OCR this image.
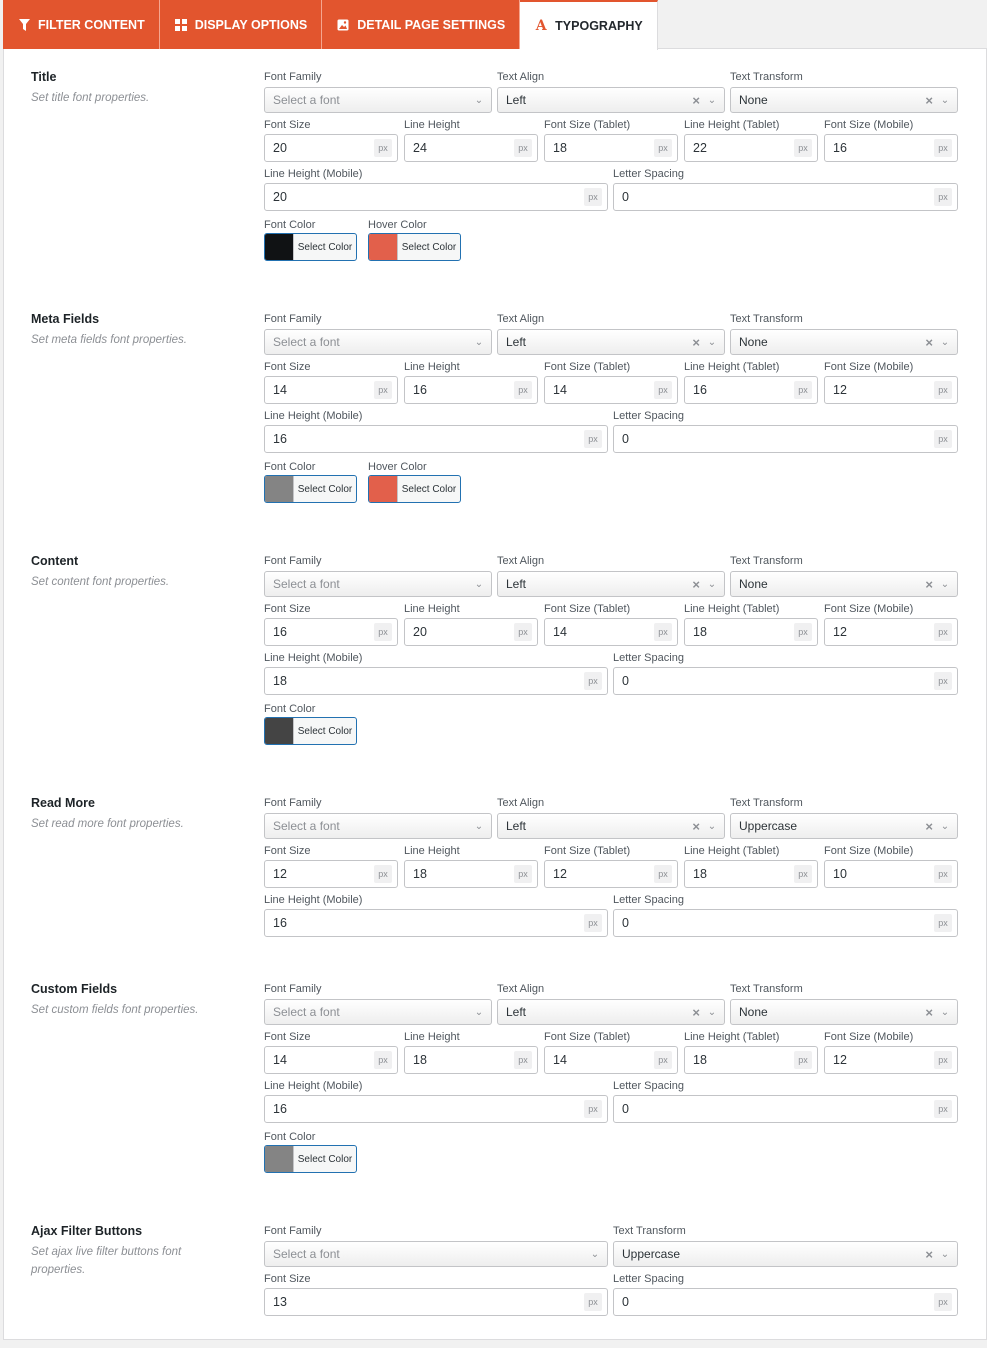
FILTER CONTENT	DISPLAY OPTIONS	DETAIL PAGE SETTINGS A TYPOGRAPHY
Title
Set title font properties.
Font Family
Select a font	⌄
Text Align
Left	× ⌄
Text Transform
None	× ⌄
Font Size
20	px
Line Height
24	px
Font Size (Tablet)
18	px
Line Height (Tablet)
22	px
Font Size (Mobile)
16	px
Line Height (Mobile)
20	px
Letter Spacing
0	px
Font Color
Select Color
Hover Color
Select Color
Meta Fields
Set meta fields font properties.
Font Family
Select a font	⌄
Text Align
Left	× ⌄
Text Transform
None	× ⌄
Font Size
14	px
Line Height
16	px
Font Size (Tablet)
14	px
Line Height (Tablet)
16	px
Font Size (Mobile)
12	px
Line Height (Mobile)
16	px
Letter Spacing
0	px
Font Color
Select Color
Hover Color
Select Color
Content
Set content font properties.
Font Family
Select a font	⌄
Text Align
Left	× ⌄
Text Transform
None	× ⌄
Font Size
16	px
Line Height
20	px
Font Size (Tablet)
14	px
Line Height (Tablet)
18	px
Font Size (Mobile)
12	px
Line Height (Mobile)
18	px
Letter Spacing
0	px
Font Color
Select Color
Read More
Set read more font properties.
Font Family
Select a font	⌄
Text Align
Left	× ⌄
Text Transform
Uppercase	× ⌄
Font Size
12	px
Line Height
18	px
Font Size (Tablet)
12	px
Line Height (Tablet)
18	px
Font Size (Mobile)
10	px
Line Height (Mobile)
16	px
Letter Spacing
0	px
Custom Fields
Set custom fields font properties.
Font Family
Select a font	⌄
Text Align
Left	× ⌄
Text Transform
None	× ⌄
Font Size
14	px
Line Height
18	px
Font Size (Tablet)
14	px
Line Height (Tablet)
18	px
Font Size (Mobile)
12	px
Line Height (Mobile)
16	px
Letter Spacing
0	px
Font Color
Select Color
Ajax Filter Buttons
Set ajax live filter buttons font properties.
Font Family
Select a font	⌄
Text Transform
Uppercase	× ⌄
Font Size
13	px
Letter Spacing
0	px
